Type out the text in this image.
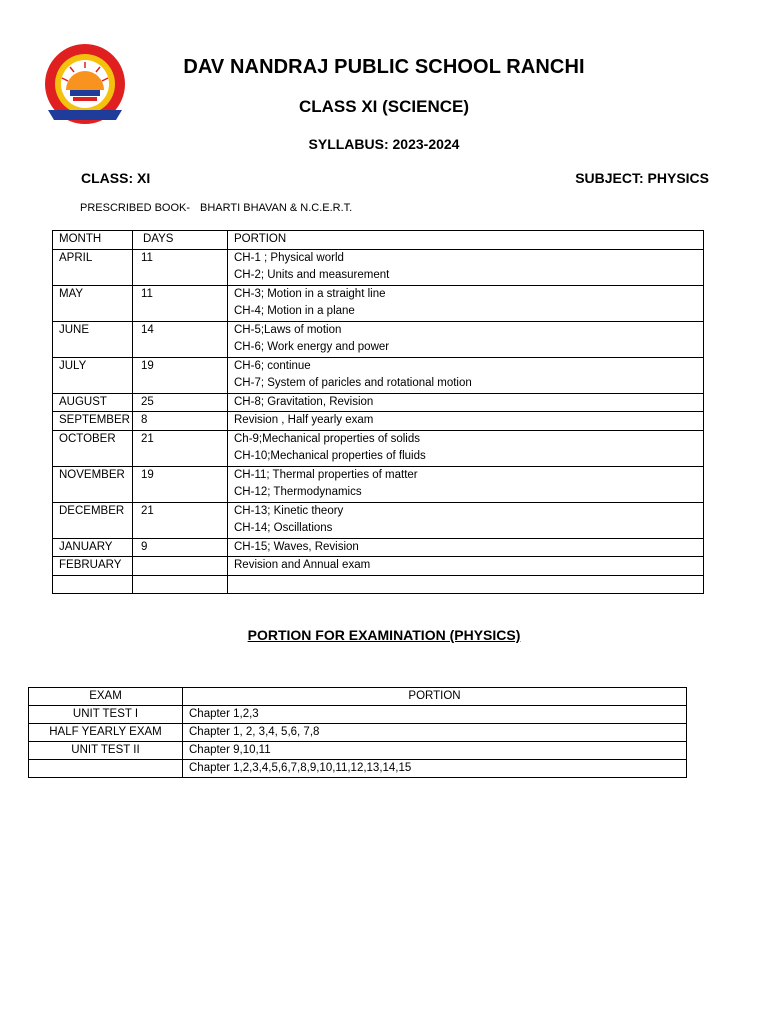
DAV NANDRAJ PUBLIC SCHOOL RANCHI
CLASS XI (SCIENCE)
SYLLABUS: 2023-2024
CLASS: XI	SUBJECT: PHYSICS
PRESCRIBED BOOK- BHARTI BHAVAN & N.C.E.R.T.
MONTH	DAYS	PORTION
APRIL	11	CH-1 ; Physical world
CH-2; Units and measurement

MAY	11	CH-3; Motion in a straight line
CH-4; Motion in a plane

JUNE	14	CH-5;Laws of motion
CH-6; Work energy and power

JULY	19	CH-6; continue
CH-7; System of paricles and rotational motion

AUGUST	25	CH-8; Gravitation, Revision

SEPTEMBER	8	Revision , Half yearly exam

OCTOBER	21	Ch-9;Mechanical properties of solids
CH-10;Mechanical properties of fluids

NOVEMBER	19	CH-11; Thermal properties of matter
CH-12; Thermodynamics

DECEMBER	21	CH-13; Kinetic theory
CH-14; Oscillations

JANUARY	9	CH-15; Waves, Revision

FEBRUARY		Revision and Annual exam

PORTION FOR EXAMINATION (PHYSICS)
EXAM	PORTION
UNIT TEST I	Chapter 1,2,3
HALF YEARLY EXAM	Chapter 1, 2, 3,4, 5,6, 7,8
UNIT TEST II	Chapter 9,10,11
	Chapter 1,2,3,4,5,6,7,8,9,10,11,12,13,14,15
